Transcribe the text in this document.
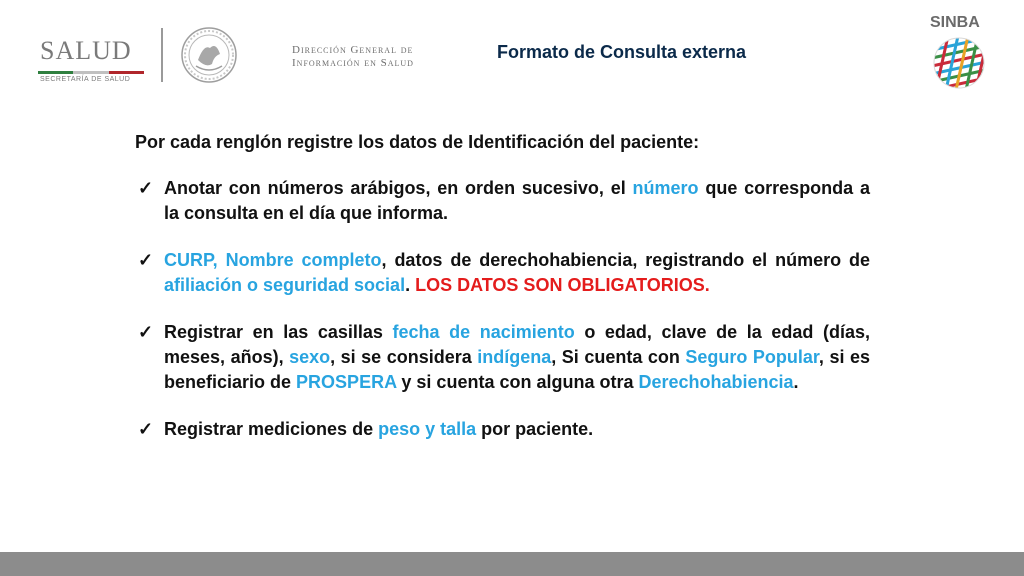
SALUD
SECRETARÍA DE SALUD
Dirección General de
Información en Salud
Formato de Consulta externa
SINBA

Por cada renglón registre los datos de Identificación del paciente:

✓ Anotar con números arábigos, en orden sucesivo, el número que corresponda a la consulta en el día que informa.
✓ CURP, Nombre completo, datos de derechohabiencia, registrando el número de afiliación o seguridad social. LOS DATOS SON OBLIGATORIOS.
✓ Registrar en las casillas fecha de nacimiento o edad, clave de la edad (días, meses, años), sexo, si se considera indígena, Si cuenta con Seguro Popular, si es beneficiario de PROSPERA y si cuenta con alguna otra Derechohabiencia.
✓ Registrar mediciones de peso y talla por paciente.
